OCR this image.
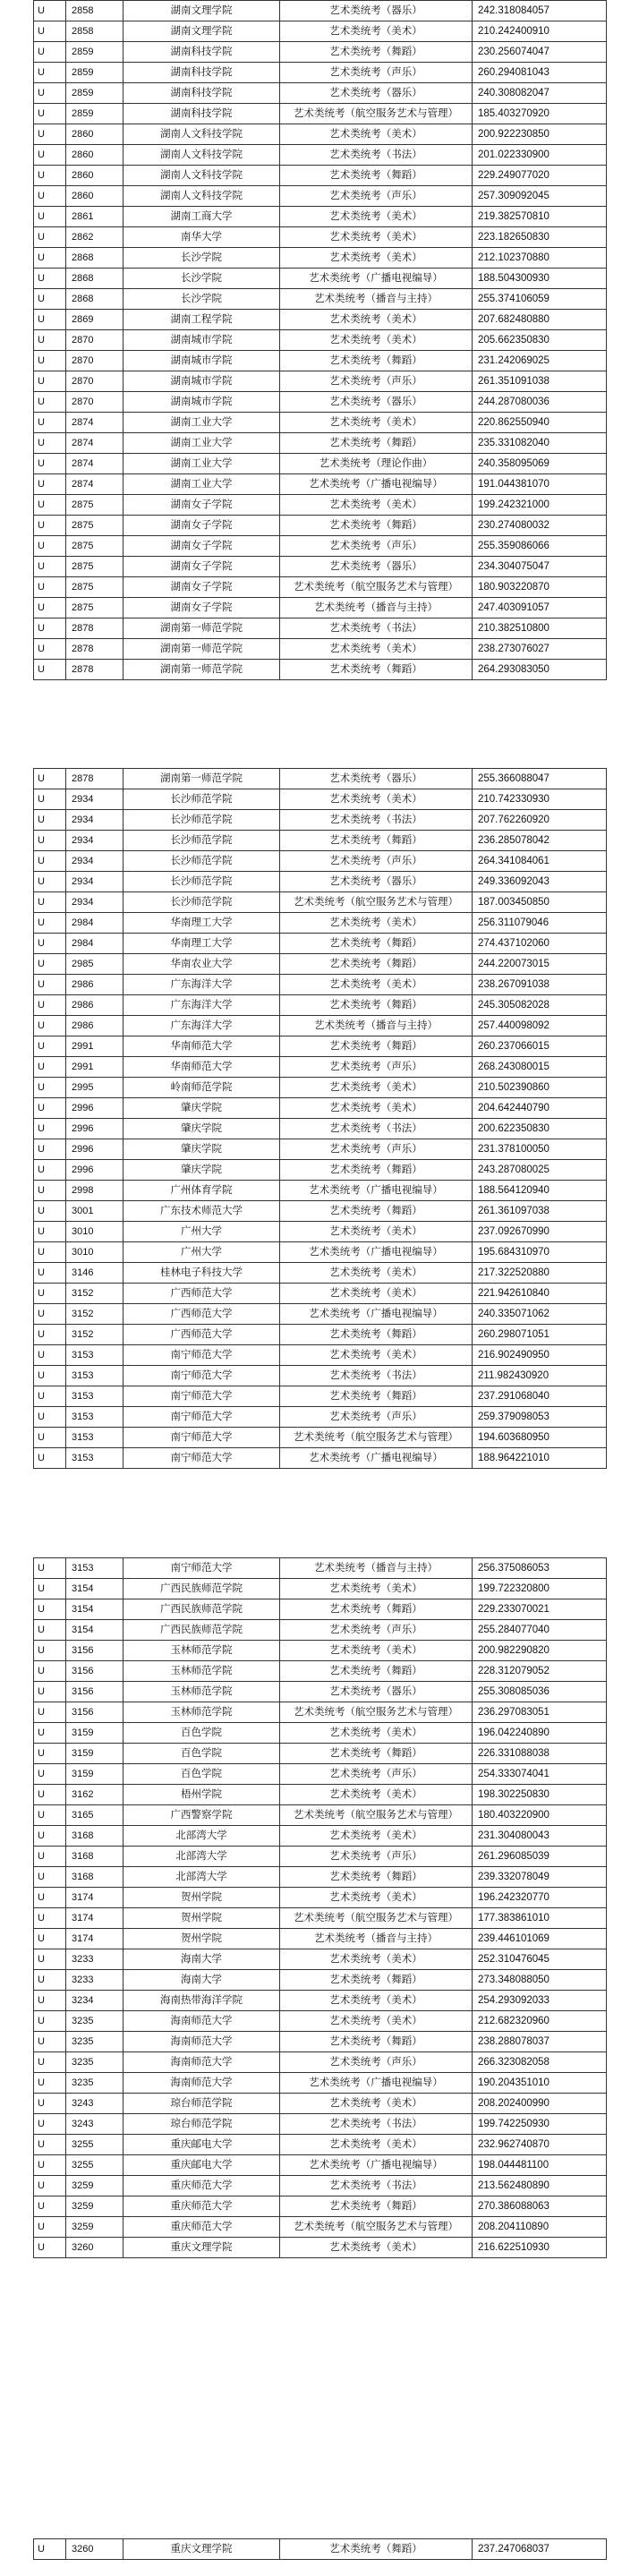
U	2858	湖南文理学院	艺术类统考（器乐）	242.318084057
U	2858	湖南文理学院	艺术类统考（美术）	210.242400910
U	2859	湖南科技学院	艺术类统考（舞蹈）	230.256074047
U	2859	湖南科技学院	艺术类统考（声乐）	260.294081043
U	2859	湖南科技学院	艺术类统考（器乐）	240.308082047
U	2859	湖南科技学院	艺术类统考（航空服务艺术与管理）	185.403270920
U	2860	湖南人文科技学院	艺术类统考（美术）	200.922230850
U	2860	湖南人文科技学院	艺术类统考（书法）	201.022330900
U	2860	湖南人文科技学院	艺术类统考（舞蹈）	229.249077020
U	2860	湖南人文科技学院	艺术类统考（声乐）	257.309092045
U	2861	湖南工商大学	艺术类统考（美术）	219.382570810
U	2862	南华大学	艺术类统考（美术）	223.182650830
U	2868	长沙学院	艺术类统考（美术）	212.102370880
U	2868	长沙学院	艺术类统考（广播电视编导）	188.504300930
U	2868	长沙学院	艺术类统考（播音与主持）	255.374106059
U	2869	湖南工程学院	艺术类统考（美术）	207.682480880
U	2870	湖南城市学院	艺术类统考（美术）	205.662350830
U	2870	湖南城市学院	艺术类统考（舞蹈）	231.242069025
U	2870	湖南城市学院	艺术类统考（声乐）	261.351091038
U	2870	湖南城市学院	艺术类统考（器乐）	244.287080036
U	2874	湖南工业大学	艺术类统考（美术）	220.862550940
U	2874	湖南工业大学	艺术类统考（舞蹈）	235.331082040
U	2874	湖南工业大学	艺术类统考（理论作曲）	240.358095069
U	2874	湖南工业大学	艺术类统考（广播电视编导）	191.044381070
U	2875	湖南女子学院	艺术类统考（美术）	199.242321000
U	2875	湖南女子学院	艺术类统考（舞蹈）	230.274080032
U	2875	湖南女子学院	艺术类统考（声乐）	255.359086066
U	2875	湖南女子学院	艺术类统考（器乐）	234.304075047
U	2875	湖南女子学院	艺术类统考（航空服务艺术与管理）	180.903220870
U	2875	湖南女子学院	艺术类统考（播音与主持）	247.403091057
U	2878	湖南第一师范学院	艺术类统考（书法）	210.382510800
U	2878	湖南第一师范学院	艺术类统考（美术）	238.273076027
U	2878	湖南第一师范学院	艺术类统考（舞蹈）	264.293083050
U	2878	湖南第一师范学院	艺术类统考（器乐）	255.366088047
U	2934	长沙师范学院	艺术类统考（美术）	210.742330930
U	2934	长沙师范学院	艺术类统考（书法）	207.762260920
U	2934	长沙师范学院	艺术类统考（舞蹈）	236.285078042
U	2934	长沙师范学院	艺术类统考（声乐）	264.341084061
U	2934	长沙师范学院	艺术类统考（器乐）	249.336092043
U	2934	长沙师范学院	艺术类统考（航空服务艺术与管理）	187.003450850
U	2984	华南理工大学	艺术类统考（美术）	256.311079046
U	2984	华南理工大学	艺术类统考（舞蹈）	274.437102060
U	2985	华南农业大学	艺术类统考（舞蹈）	244.220073015
U	2986	广东海洋大学	艺术类统考（美术）	238.267091038
U	2986	广东海洋大学	艺术类统考（舞蹈）	245.305082028
U	2986	广东海洋大学	艺术类统考（播音与主持）	257.440098092
U	2991	华南师范大学	艺术类统考（舞蹈）	260.237066015
U	2991	华南师范大学	艺术类统考（声乐）	268.243080015
U	2995	岭南师范学院	艺术类统考（美术）	210.502390860
U	2996	肇庆学院	艺术类统考（美术）	204.642440790
U	2996	肇庆学院	艺术类统考（书法）	200.622350830
U	2996	肇庆学院	艺术类统考（声乐）	231.378100050
U	2996	肇庆学院	艺术类统考（舞蹈）	243.287080025
U	2998	广州体育学院	艺术类统考（广播电视编导）	188.564120940
U	3001	广东技术师范大学	艺术类统考（舞蹈）	261.361097038
U	3010	广州大学	艺术类统考（美术）	237.092670990
U	3010	广州大学	艺术类统考（广播电视编导）	195.684310970
U	3146	桂林电子科技大学	艺术类统考（美术）	217.322520880
U	3152	广西师范大学	艺术类统考（美术）	221.942610840
U	3152	广西师范大学	艺术类统考（广播电视编导）	240.335071062
U	3152	广西师范大学	艺术类统考（舞蹈）	260.298071051
U	3153	南宁师范大学	艺术类统考（美术）	216.902490950
U	3153	南宁师范大学	艺术类统考（书法）	211.982430920
U	3153	南宁师范大学	艺术类统考（舞蹈）	237.291068040
U	3153	南宁师范大学	艺术类统考（声乐）	259.379098053
U	3153	南宁师范大学	艺术类统考（航空服务艺术与管理）	194.603680950
U	3153	南宁师范大学	艺术类统考（广播电视编导）	188.964221010
U	3153	南宁师范大学	艺术类统考（播音与主持）	256.375086053
U	3154	广西民族师范学院	艺术类统考（美术）	199.722320800
U	3154	广西民族师范学院	艺术类统考（舞蹈）	229.233070021
U	3154	广西民族师范学院	艺术类统考（声乐）	255.284077040
U	3156	玉林师范学院	艺术类统考（美术）	200.982290820
U	3156	玉林师范学院	艺术类统考（舞蹈）	228.312079052
U	3156	玉林师范学院	艺术类统考（器乐）	255.308085036
U	3156	玉林师范学院	艺术类统考（航空服务艺术与管理）	236.297083051
U	3159	百色学院	艺术类统考（美术）	196.042240890
U	3159	百色学院	艺术类统考（舞蹈）	226.331088038
U	3159	百色学院	艺术类统考（声乐）	254.333074041
U	3162	梧州学院	艺术类统考（美术）	198.302250830
U	3165	广西警察学院	艺术类统考（航空服务艺术与管理）	180.403220900
U	3168	北部湾大学	艺术类统考（美术）	231.304080043
U	3168	北部湾大学	艺术类统考（声乐）	261.296085039
U	3168	北部湾大学	艺术类统考（舞蹈）	239.332078049
U	3174	贺州学院	艺术类统考（美术）	196.242320770
U	3174	贺州学院	艺术类统考（航空服务艺术与管理）	177.383861010
U	3174	贺州学院	艺术类统考（播音与主持）	239.446101069
U	3233	海南大学	艺术类统考（美术）	252.310476045
U	3233	海南大学	艺术类统考（舞蹈）	273.348088050
U	3234	海南热带海洋学院	艺术类统考（美术）	254.293092033
U	3235	海南师范大学	艺术类统考（美术）	212.682320960
U	3235	海南师范大学	艺术类统考（舞蹈）	238.288078037
U	3235	海南师范大学	艺术类统考（声乐）	266.323082058
U	3235	海南师范大学	艺术类统考（广播电视编导）	190.204351010
U	3243	琼台师范学院	艺术类统考（美术）	208.202400990
U	3243	琼台师范学院	艺术类统考（书法）	199.742250930
U	3255	重庆邮电大学	艺术类统考（美术）	232.962740870
U	3255	重庆邮电大学	艺术类统考（广播电视编导）	198.044481100
U	3259	重庆师范大学	艺术类统考（书法）	213.562480890
U	3259	重庆师范大学	艺术类统考（舞蹈）	270.386088063
U	3259	重庆师范大学	艺术类统考（航空服务艺术与管理）	208.204110890
U	3260	重庆文理学院	艺术类统考（美术）	216.622510930
U	3260	重庆文理学院	艺术类统考（舞蹈）	237.247068037
